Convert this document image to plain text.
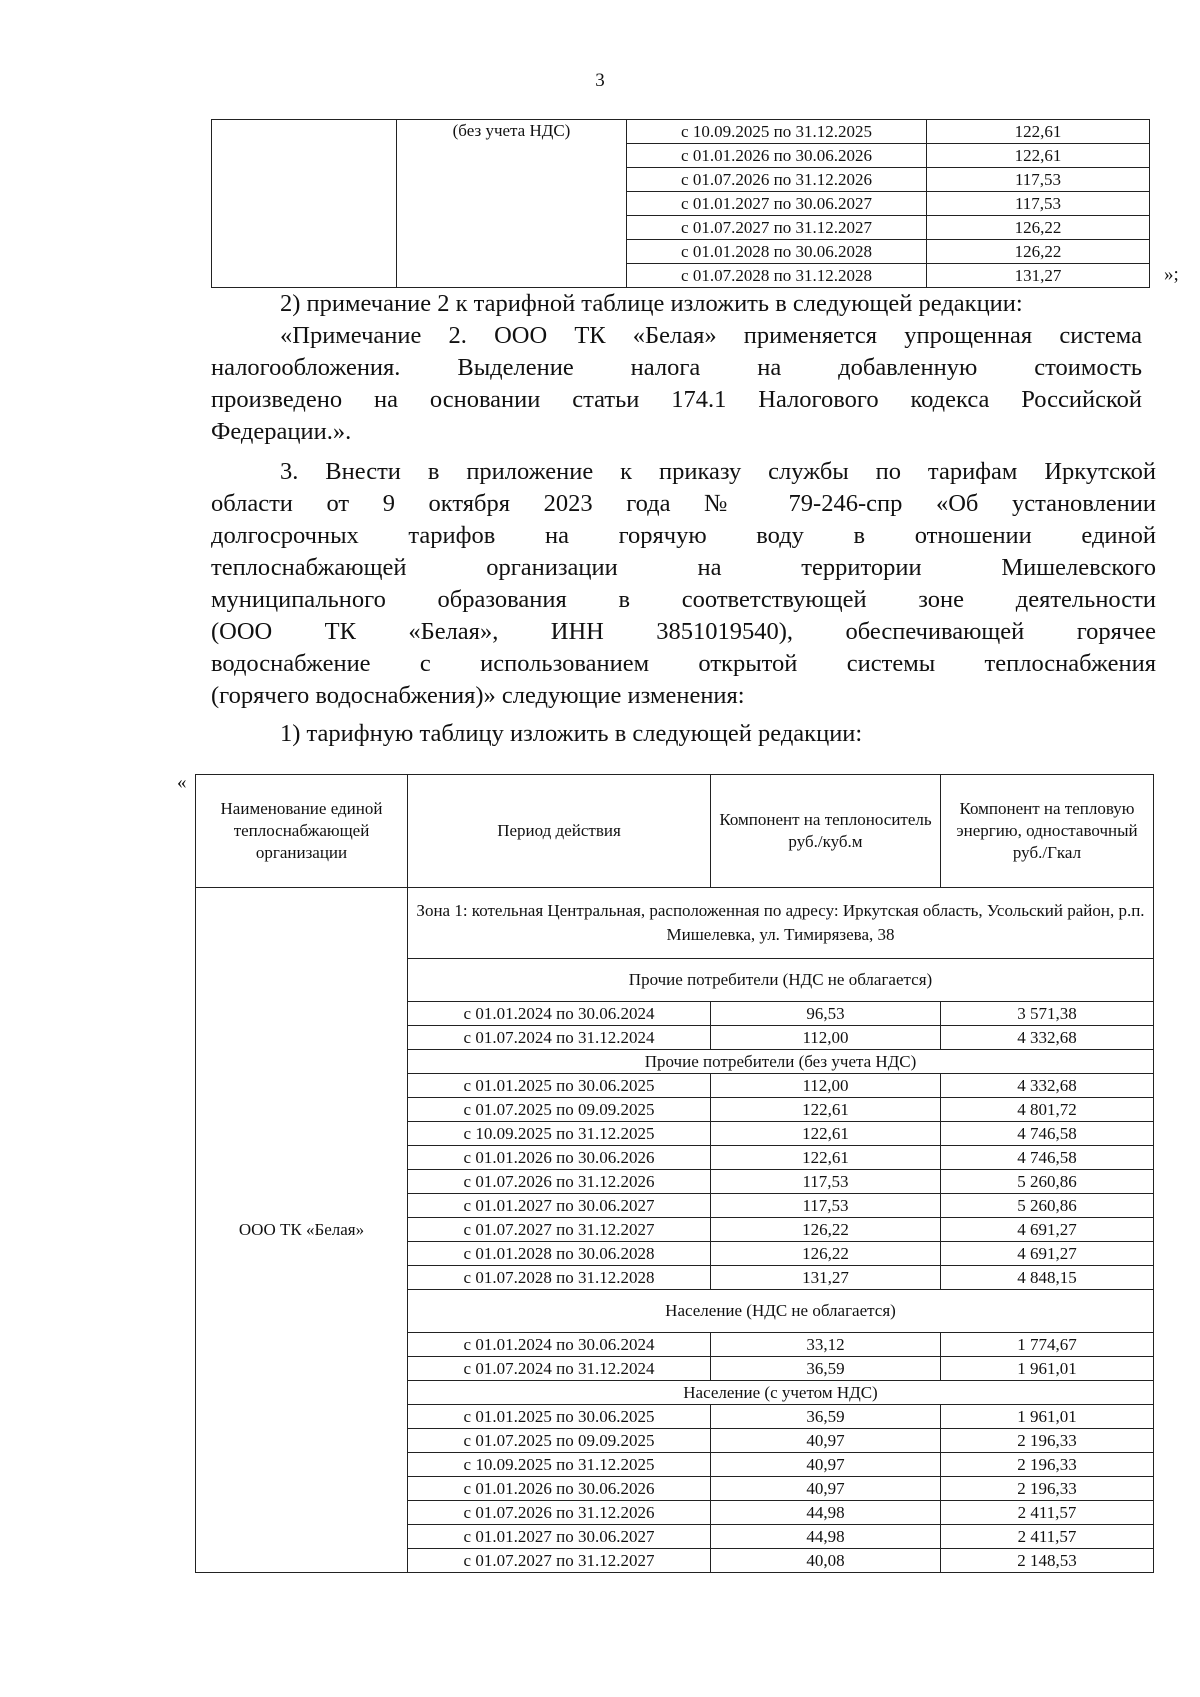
3
	(без учета НДС)	с 10.09.2025 по 31.12.2025	122,61
		с 01.01.2026 по 30.06.2026	122,61
		с 01.07.2026 по 31.12.2026	117,53
		с 01.01.2027 по 30.06.2027	117,53
		с 01.07.2027 по 31.12.2027	126,22
		с 01.01.2028 по 30.06.2028	126,22
		с 01.07.2028 по 31.12.2028	131,27	»;
2) примечание 2 к тарифной таблице изложить в следующей редакции:
«Примечание 2. ООО ТК «Белая» применяется упрощенная система
налогообложения. Выделение налога на добавленную стоимость
произведено на основании статьи 174.1 Налогового кодекса Российской
Федерации.».
3. Внести в приложение к приказу службы по тарифам Иркутской
области от 9 октября 2023 года № 79-246-спр «Об установлении
долгосрочных тарифов на горячую воду в отношении единой
теплоснабжающей организации на территории Мишелевского
муниципального образования в соответствующей зоне деятельности
(ООО ТК «Белая», ИНН 3851019540), обеспечивающей горячее
водоснабжение с использованием открытой системы теплоснабжения
(горячего водоснабжения)» следующие изменения:
1) тарифную таблицу изложить в следующей редакции:
«
Наименование единой теплоснабжающей организации	Период действия	Компонент на теплоноситель руб./куб.м	Компонент на тепловую энергию, одноставочный руб./Гкал
ООО ТК «Белая»	Зона 1: котельная Центральная, расположенная по адресу: Иркутская область, Усольский район, р.п. Мишелевка, ул. Тимирязева, 38		
	Прочие потребители (НДС не облагается)		
	с 01.01.2024 по 30.06.2024	96,53	3 571,38
	с 01.07.2024 по 31.12.2024	112,00	4 332,68
	Прочие потребители (без учета НДС)		
	с 01.01.2025 по 30.06.2025	112,00	4 332,68
	с 01.07.2025 по 09.09.2025	122,61	4 801,72
	с 10.09.2025 по 31.12.2025	122,61	4 746,58
	с 01.01.2026 по 30.06.2026	122,61	4 746,58
	с 01.07.2026 по 31.12.2026	117,53	5 260,86
	с 01.01.2027 по 30.06.2027	117,53	5 260,86
	с 01.07.2027 по 31.12.2027	126,22	4 691,27
	с 01.01.2028 по 30.06.2028	126,22	4 691,27
	с 01.07.2028 по 31.12.2028	131,27	4 848,15
	Население (НДС не облагается)		
	с 01.01.2024 по 30.06.2024	33,12	1 774,67
	с 01.07.2024 по 31.12.2024	36,59	1 961,01
	Население (с учетом НДС)		
	с 01.01.2025 по 30.06.2025	36,59	1 961,01
	с 01.07.2025 по 09.09.2025	40,97	2 196,33
	с 10.09.2025 по 31.12.2025	40,97	2 196,33
	с 01.01.2026 по 30.06.2026	40,97	2 196,33
	с 01.07.2026 по 31.12.2026	44,98	2 411,57
	с 01.01.2027 по 30.06.2027	44,98	2 411,57
	с 01.07.2027 по 31.12.2027	40,08	2 148,53
